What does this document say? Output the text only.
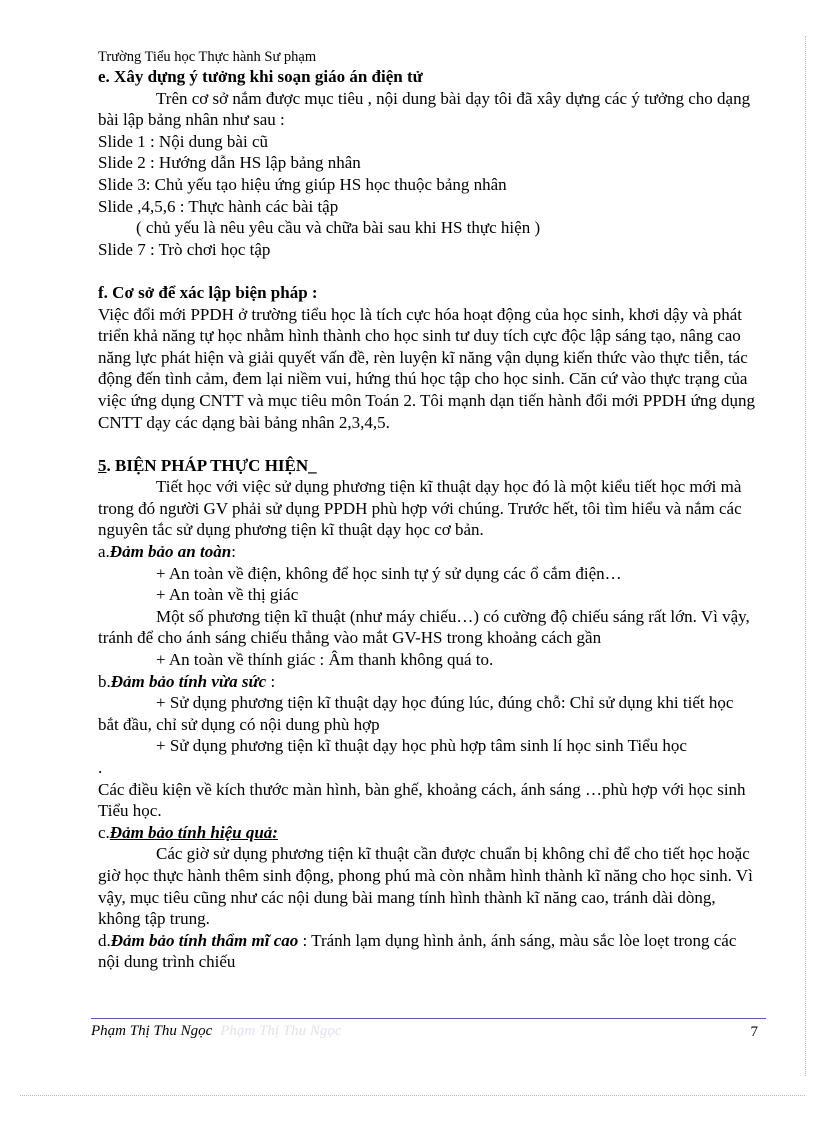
Trường Tiểu học Thực hành Sư phạm

e. Xây dựng ý tưởng khi soạn giáo án điện tử

Trên cơ sở nắm được mục tiêu , nội dung bài dạy tôi đã xây dựng các ý tưởng cho dạng bài lập bảng nhân như sau :

Slide 1 : Nội dung bài cũ

Slide 2 : Hướng dẫn HS lập bảng nhân

Slide 3: Chủ yếu tạo hiệu ứng giúp HS học thuộc bảng nhân

Slide ,4,5,6 : Thực hành các bài tập

( chủ yếu là nêu yêu cầu và chữa bài sau khi HS thực hiện )

Slide 7 : Trò chơi học tập

f. Cơ sở để xác lập biện pháp :

Việc đổi mới PPDH ở trường tiểu học là tích cực hóa hoạt động của học sinh, khơi dậy và phát triển khả năng tự học nhằm hình thành cho học sinh tư duy tích cực độc lập sáng tạo, nâng cao năng lực phát hiện và giải quyết vấn đề, rèn luyện kĩ năng vận dụng kiến thức vào thực tiễn, tác động đến tình cảm, đem lại niềm vui, hứng thú học tập cho học sinh. Căn cứ vào thực trạng của việc ứng dụng CNTT và mục tiêu môn Toán 2. Tôi mạnh dạn tiến hành đổi mới PPDH ứng dụng CNTT dạy các dạng bài bảng nhân 2,3,4,5.

5. BIỆN PHÁP THỰC HIỆN_

Tiết học với việc sử dụng phương tiện kĩ thuật dạy học đó là một kiểu tiết học mới mà trong đó người GV phải sử dụng PPDH phù hợp với chúng. Trước hết, tôi tìm hiểu và nắm các nguyên tắc sử dụng phương tiện kĩ thuật dạy học cơ bản.

a.Đảm bảo an toàn:

+ An toàn về điện, không để học sinh tự ý sử dụng các ổ cắm điện…

+ An toàn về thị giác

Một số phương tiện kĩ thuật (như máy chiếu…) có cường độ chiếu sáng rất lớn. Vì vậy, tránh để cho ánh sáng chiếu thẳng vào mắt GV-HS trong khoảng cách gần

+ An toàn về thính giác : Âm thanh không quá to.

b.Đảm bảo tính vừa sức :

+ Sử dụng phương tiện kĩ thuật dạy học đúng lúc, đúng chỗ: Chỉ sử dụng khi tiết học bắt đầu, chỉ sử dụng có nội dung phù hợp

+ Sử dụng phương tiện kĩ thuật dạy học phù hợp tâm sinh lí học sinh Tiểu học

.

Các điều kiện về kích thước màn hình, bàn ghế, khoảng cách, ánh sáng …phù hợp với học sinh Tiểu học.

c.Đảm bảo tính hiệu quả:

Các giờ sử dụng phương tiện kĩ thuật cần được chuẩn bị không chỉ để cho tiết học hoặc giờ học thực hành thêm sinh động, phong phú mà còn nhằm hình thành kĩ năng cho học sinh. Vì vậy, mục tiêu cũng như các nội dung bài mang tính hình thành kĩ năng cao, tránh dài dòng, không tập trung.

d.Đảm bảo tính thẩm mĩ cao : Tránh lạm dụng hình ảnh, ánh sáng, màu sắc lòe loẹt trong các nội dung trình chiếu

Phạm Thị Thu Ngọc Phạm Thị Thu Ngọc	7
